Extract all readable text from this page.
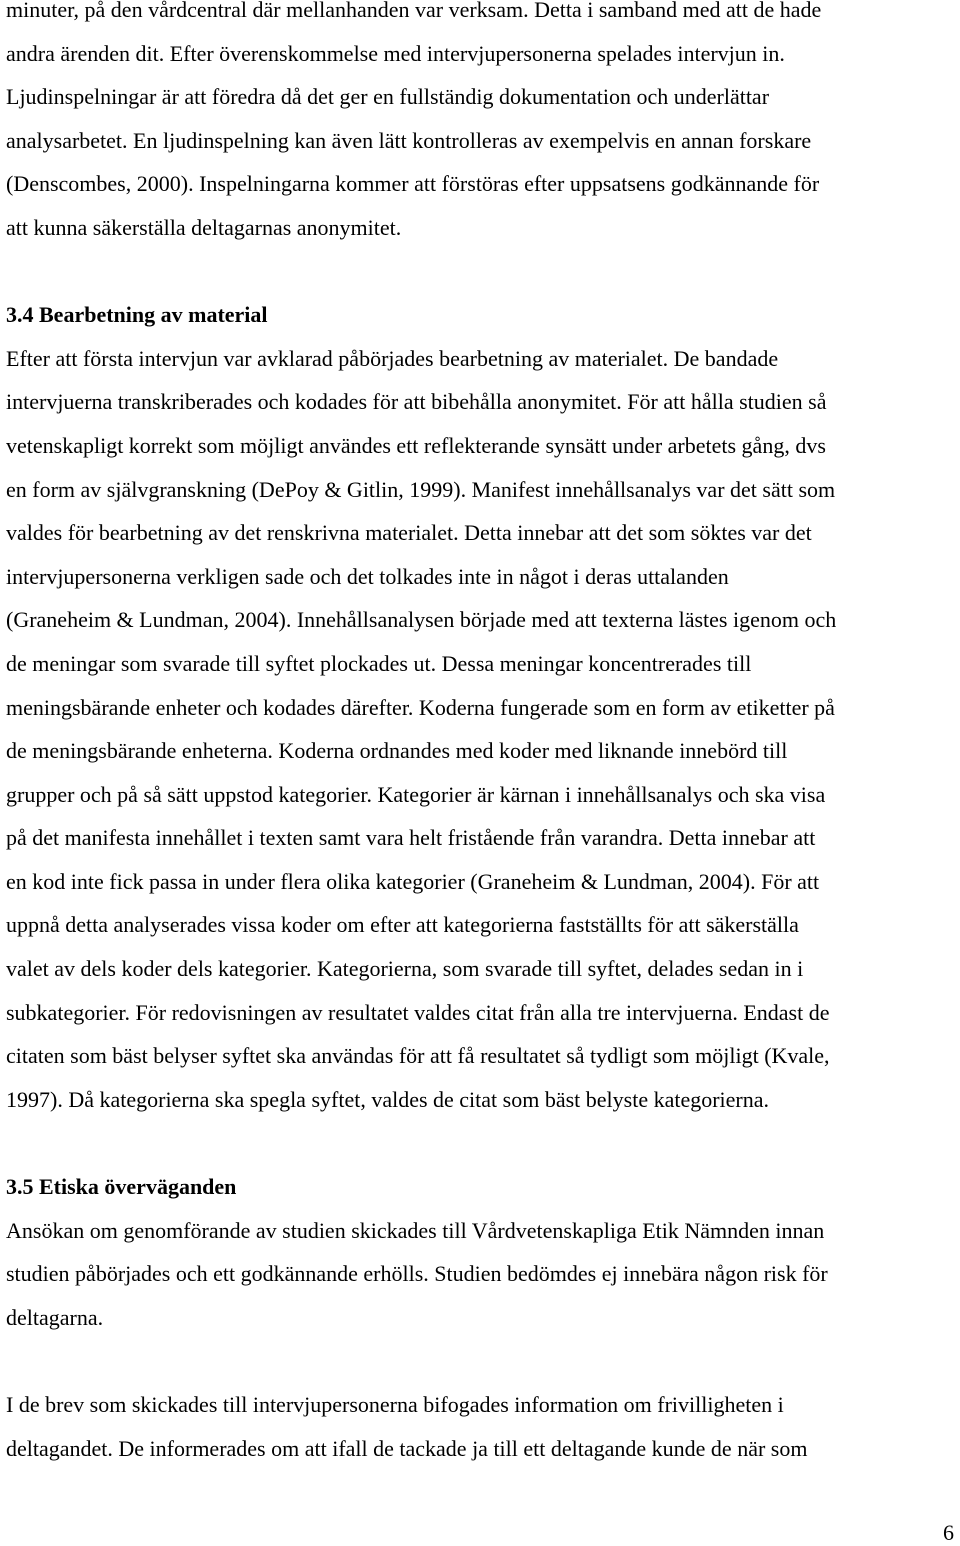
minuter, på den vårdcentral där mellanhanden var verksam. Detta i samband med att de hade
andra ärenden dit. Efter överenskommelse med intervjupersonerna spelades intervjun in.
Ljudinspelningar är att föredra då det ger en fullständig dokumentation och underlättar
analysarbetet. En ljudinspelning kan även lätt kontrolleras av exempelvis en annan forskare
(Denscombes, 2000). Inspelningarna kommer att förstöras efter uppsatsens godkännande för
att kunna säkerställa deltagarnas anonymitet.

3.4 Bearbetning av material

Efter att första intervjun var avklarad påbörjades bearbetning av materialet. De bandade
intervjuerna transkriberades och kodades för att bibehålla anonymitet. För att hålla studien så
vetenskapligt korrekt som möjligt användes ett reflekterande synsätt under arbetets gång, dvs
en form av självgranskning (DePoy & Gitlin, 1999). Manifest innehållsanalys var det sätt som
valdes för bearbetning av det renskrivna materialet. Detta innebar att det som söktes var det
intervjupersonerna verkligen sade och det tolkades inte in något i deras uttalanden
(Graneheim & Lundman, 2004). Innehållsanalysen började med att texterna lästes igenom och
de meningar som svarade till syftet plockades ut. Dessa meningar koncentrerades till
meningsbärande enheter och kodades därefter. Koderna fungerade som en form av etiketter på
de meningsbärande enheterna. Koderna ordnandes med koder med liknande innebörd till
grupper och på så sätt uppstod kategorier. Kategorier är kärnan i innehållsanalys och ska visa
på det manifesta innehållet i texten samt vara helt fristående från varandra. Detta innebar att
en kod inte fick passa in under flera olika kategorier (Graneheim & Lundman, 2004). För att
uppnå detta analyserades vissa koder om efter att kategorierna fastställts för att säkerställa
valet av dels koder dels kategorier. Kategorierna, som svarade till syftet, delades sedan in i
subkategorier. För redovisningen av resultatet valdes citat från alla tre intervjuerna. Endast de
citaten som bäst belyser syftet ska användas för att få resultatet så tydligt som möjligt (Kvale,
1997). Då kategorierna ska spegla syftet, valdes de citat som bäst belyste kategorierna.

3.5 Etiska överväganden

Ansökan om genomförande av studien skickades till Vårdvetenskapliga Etik Nämnden innan
studien påbörjades och ett godkännande erhölls. Studien bedömdes ej innebära någon risk för
deltagarna.

I de brev som skickades till intervjupersonerna bifogades information om frivilligheten i
deltagandet. De informerades om att ifall de tackade ja till ett deltagande kunde de när som

6
